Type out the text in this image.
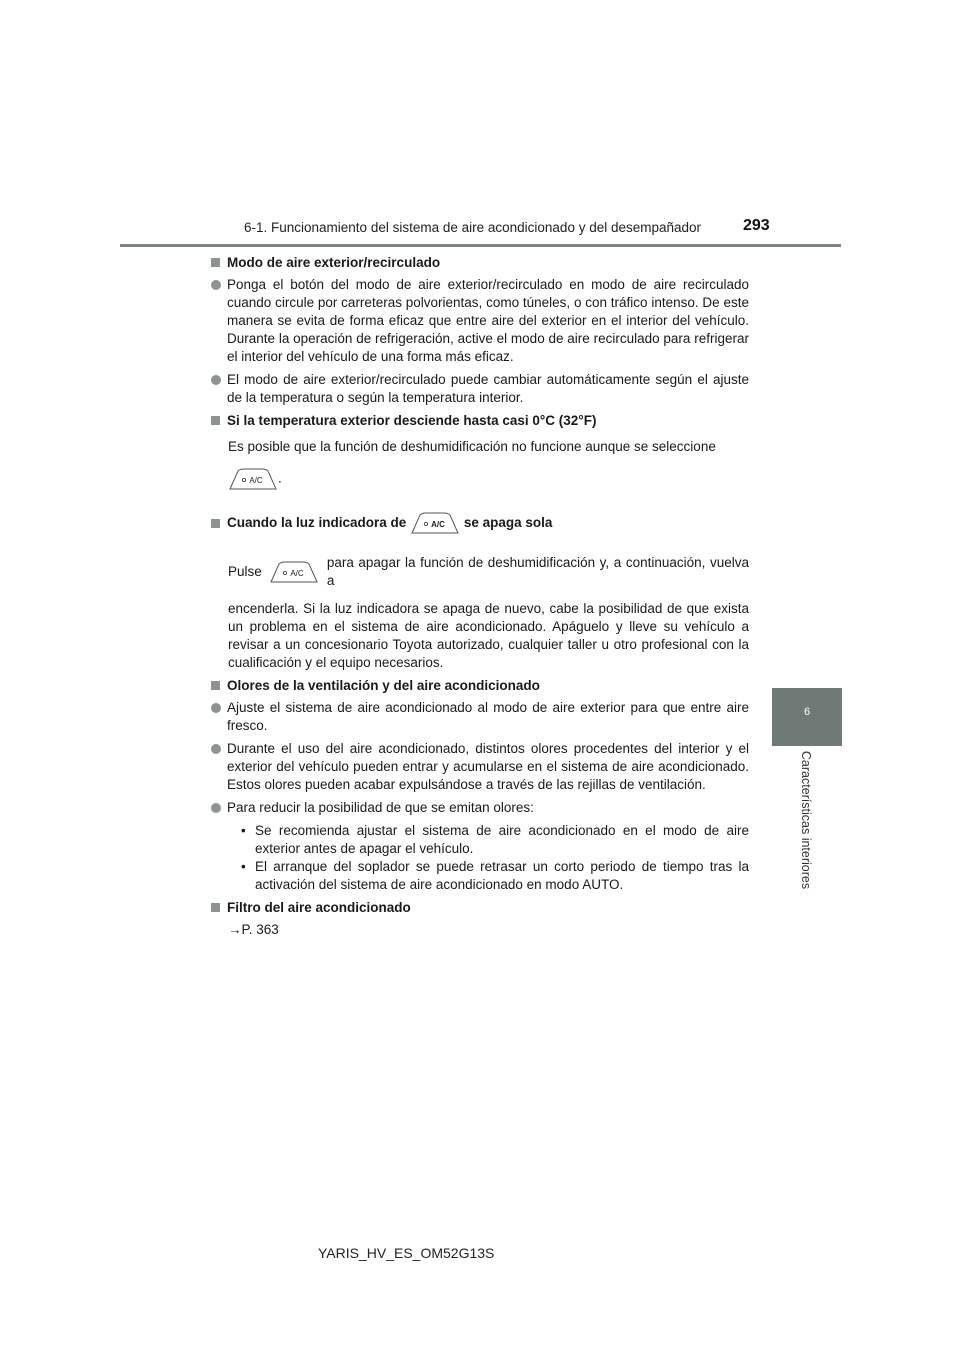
6-1. Funcionamiento del sistema de aire acondicionado y del desempañador	293
6
Características interiores
Modo de aire exterior/recirculado
Ponga el botón del modo de aire exterior/recirculado en modo de aire recirculado cuando circule por carreteras polvorientas, como túneles, o con tráfico intenso. De este manera se evita de forma eficaz que entre aire del exterior en el interior del vehículo. Durante la operación de refrigeración, active el modo de aire recirculado para refrigerar el interior del vehículo de una forma más eficaz.
El modo de aire exterior/recirculado puede cambiar automáticamente según el ajuste de la temperatura o según la temperatura interior.
Si la temperatura exterior desciende hasta casi 0°C (32°F)
Es posible que la función de deshumidificación no funcione aunque se seleccione
A/C .
Cuando la luz indicadora de
	A/C
se apaga sola
Pulse
	A/C

para apagar la función de deshumidificación y, a continuación, vuelva a
encenderla. Si la luz indicadora se apaga de nuevo, cabe la posibilidad de que exista un problema en el sistema de aire acondicionado. Apáguelo y lleve su vehículo a revisar a un concesionario Toyota autorizado, cualquier taller u otro profesional con la cualificación y el equipo necesarios.
Olores de la ventilación y del aire acondicionado
Ajuste el sistema de aire acondicionado al modo de aire exterior para que entre aire fresco.
Durante el uso del aire acondicionado, distintos olores procedentes del interior y el exterior del vehículo pueden entrar y acumularse en el sistema de aire acondicionado. Estos olores pueden acabar expulsándose a través de las rejillas de ventilación.
Para reducir la posibilidad de que se emitan olores:
• Se recomienda ajustar el sistema de aire acondicionado en el modo de aire exterior antes de apagar el vehículo.
• El arranque del soplador se puede retrasar un corto periodo de tiempo tras la activación del sistema de aire acondicionado en modo AUTO.
Filtro del aire acondicionado
→P. 363
YARIS_HV_ES_OM52G13S
